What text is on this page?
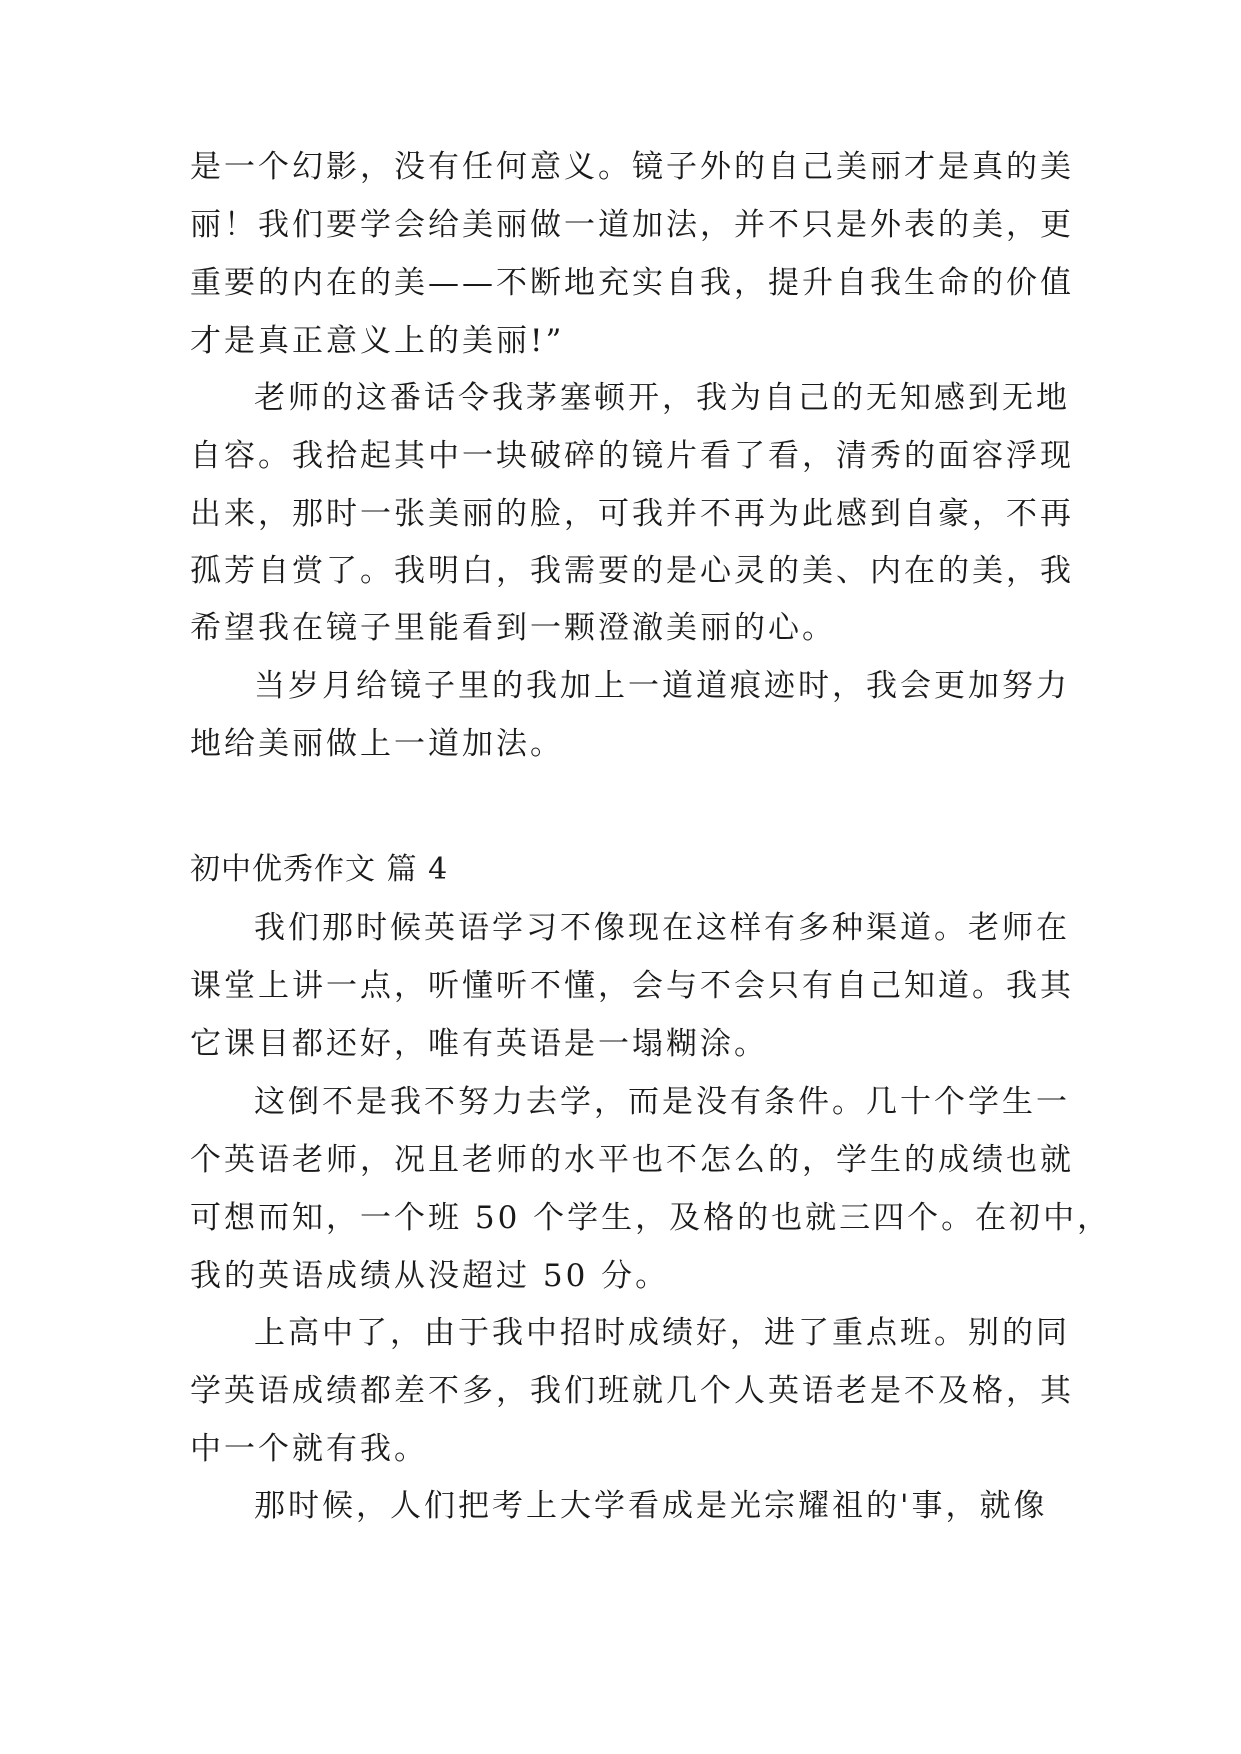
是一个幻影，没有任何意义。镜子外的自己美丽才是真的美

丽！我们要学会给美丽做一道加法，并不只是外表的美，更

重要的内在的美——不断地充实自我，提升自我生命的价值

才是真正意义上的美丽!”

老师的这番话令我茅塞顿开，我为自己的无知感到无地

自容。我拾起其中一块破碎的镜片看了看，清秀的面容浮现

出来，那时一张美丽的脸，可我并不再为此感到自豪，不再

孤芳自赏了。我明白，我需要的是心灵的美、内在的美，我

希望我在镜子里能看到一颗澄澈美丽的心。

当岁月给镜子里的我加上一道道痕迹时，我会更加努力

地给美丽做上一道加法。

初中优秀作文 篇 4

我们那时候英语学习不像现在这样有多种渠道。老师在

课堂上讲一点，听懂听不懂，会与不会只有自己知道。我其

它课目都还好，唯有英语是一塌糊涂。

这倒不是我不努力去学，而是没有条件。几十个学生一

个英语老师，况且老师的水平也不怎么的，学生的成绩也就

可想而知，一个班 50 个学生，及格的也就三四个。在初中，

我的英语成绩从没超过 50 分。

上高中了，由于我中招时成绩好，进了重点班。别的同

学英语成绩都差不多，我们班就几个人英语老是不及格，其

中一个就有我。

那时候，人们把考上大学看成是光宗耀祖的'事，就像
